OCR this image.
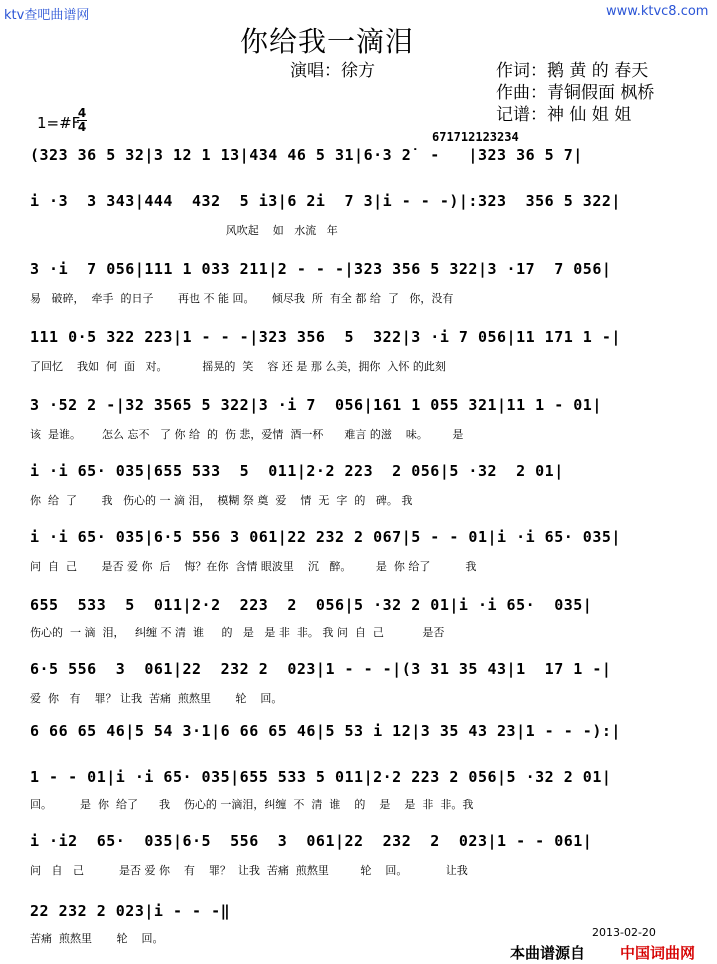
ktv查吧曲谱网	www.ktvc8.com
你给我一滴泪
演唱：徐方	作词：鹅 黄 的 春天
作曲：青铜假面 枫桥
记谱：神 仙 姐 姐
1=#F
4
4
671712123234
(323 36 5 32|3 12 1 13|434 46 5 31|6·3 2̇  -   |323 36 5 7|
i ·3  3 343|444  432  5 i3|6 2i  7 3|i - - -)|:323  356 5 322|
风吹起    如   水流   年
3 ·i  7 056|111 1 033 211|2 - - -|323 356 5 322|3 ·17  7 056|
易   破碎，  牵手  的日子       再也 不 能 回。     倾尽我  所  有全 都 给  了   你，没有
111 0·5 322 223|1 - - -|323 356  5  322|3 ·i 7 056|11 171 1 -|
了回忆    我如  何  面   对。          摇晃的  笑    容 还 是 那 么美，拥你  入怀 的此刻
3 ·52 2 -|32 3565 5 322|3 ·i 7  056|161 1 055 321|11 1 - 01|
该  是谁。      怎么 忘不   了 你 给  的  伤 悲，爱情  酒一杯      难言 的滋    味。       是
i ·i 65· 035|655 533  5  011|2·2 223  2 056|5 ·32  2 01|
你  给  了       我   伤心的 一 滴 泪，  模糊 祭 奠  爱    情  无  字  的   碑。 我
i ·i 65· 035|6·5 556 3 061|22 232 2 067|5 - - 01|i ·i 65· 035|
问  自  己       是否 爱 你  后    悔？在你  含情 眼波里    沉   醉。       是  你 给了          我
655  533  5  011|2·2  223  2  056|5 ·32 2 01|i ·i 65·  035|
伤心的  一 滴  泪，   纠缠 不 清  谁     的   是   是 非  非。 我 问  自  己           是否
6·5 556  3  061|22  232 2  023|1 - - -|(3 31 35 43|1  17 1 -|
爱  你   有    罪？ 让我  苦痛  煎熬里       轮    回。
6 66 65 46|5 54 3·1|6 66 65 46|5 53 i 12|3 35 43 23|1 - - -):|
1 - - 01|i ·i 65· 035|655 533 5 011|2·2 223 2 056|5 ·32 2 01|
回。        是  你  给了      我    伤心的 一滴泪，纠缠  不  清  谁    的    是    是  非  非。我
i ·i2  65·  035|6·5  556  3  061|22  232  2  023|1 - - 061|
问   自   己          是否 爱 你    有    罪？  让我  苦痛  煎熬里         轮    回。           让我
22 232 2 023|i - - -‖
苦痛  煎熬里       轮    回。	2013-02-20
本曲谱源自 中国词曲网
